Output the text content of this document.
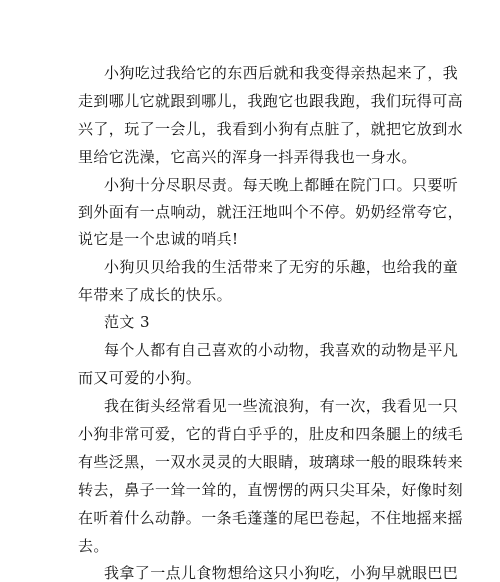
小狗吃过我给它的东西后就和我变得亲热起来了，我
走到哪儿它就跟到哪儿，我跑它也跟我跑，我们玩得可高
兴了，玩了一会儿，我看到小狗有点脏了，就把它放到水
里给它洗澡，它高兴的浑身一抖弄得我也一身水。
小狗十分尽职尽责。每天晚上都睡在院门口。只要听
到外面有一点响动，就汪汪地叫个不停。奶奶经常夸它，
说它是一个忠诚的哨兵!
小狗贝贝给我的生活带来了无穷的乐趣，也给我的童
年带来了成长的快乐。
范文 3
每个人都有自己喜欢的小动物，我喜欢的动物是平凡
而又可爱的小狗。
我在街头经常看见一些流浪狗，有一次，我看见一只
小狗非常可爱，它的背白乎乎的，肚皮和四条腿上的绒毛
有些泛黑，一双水灵灵的大眼睛，玻璃球一般的眼珠转来
转去，鼻子一耸一耸的，直愣愣的两只尖耳朵，好像时刻
在听着什么动静。一条毛蓬蓬的尾巴卷起，不住地摇来摇
去。
我拿了一点儿食物想给这只小狗吃，小狗早就眼巴巴
